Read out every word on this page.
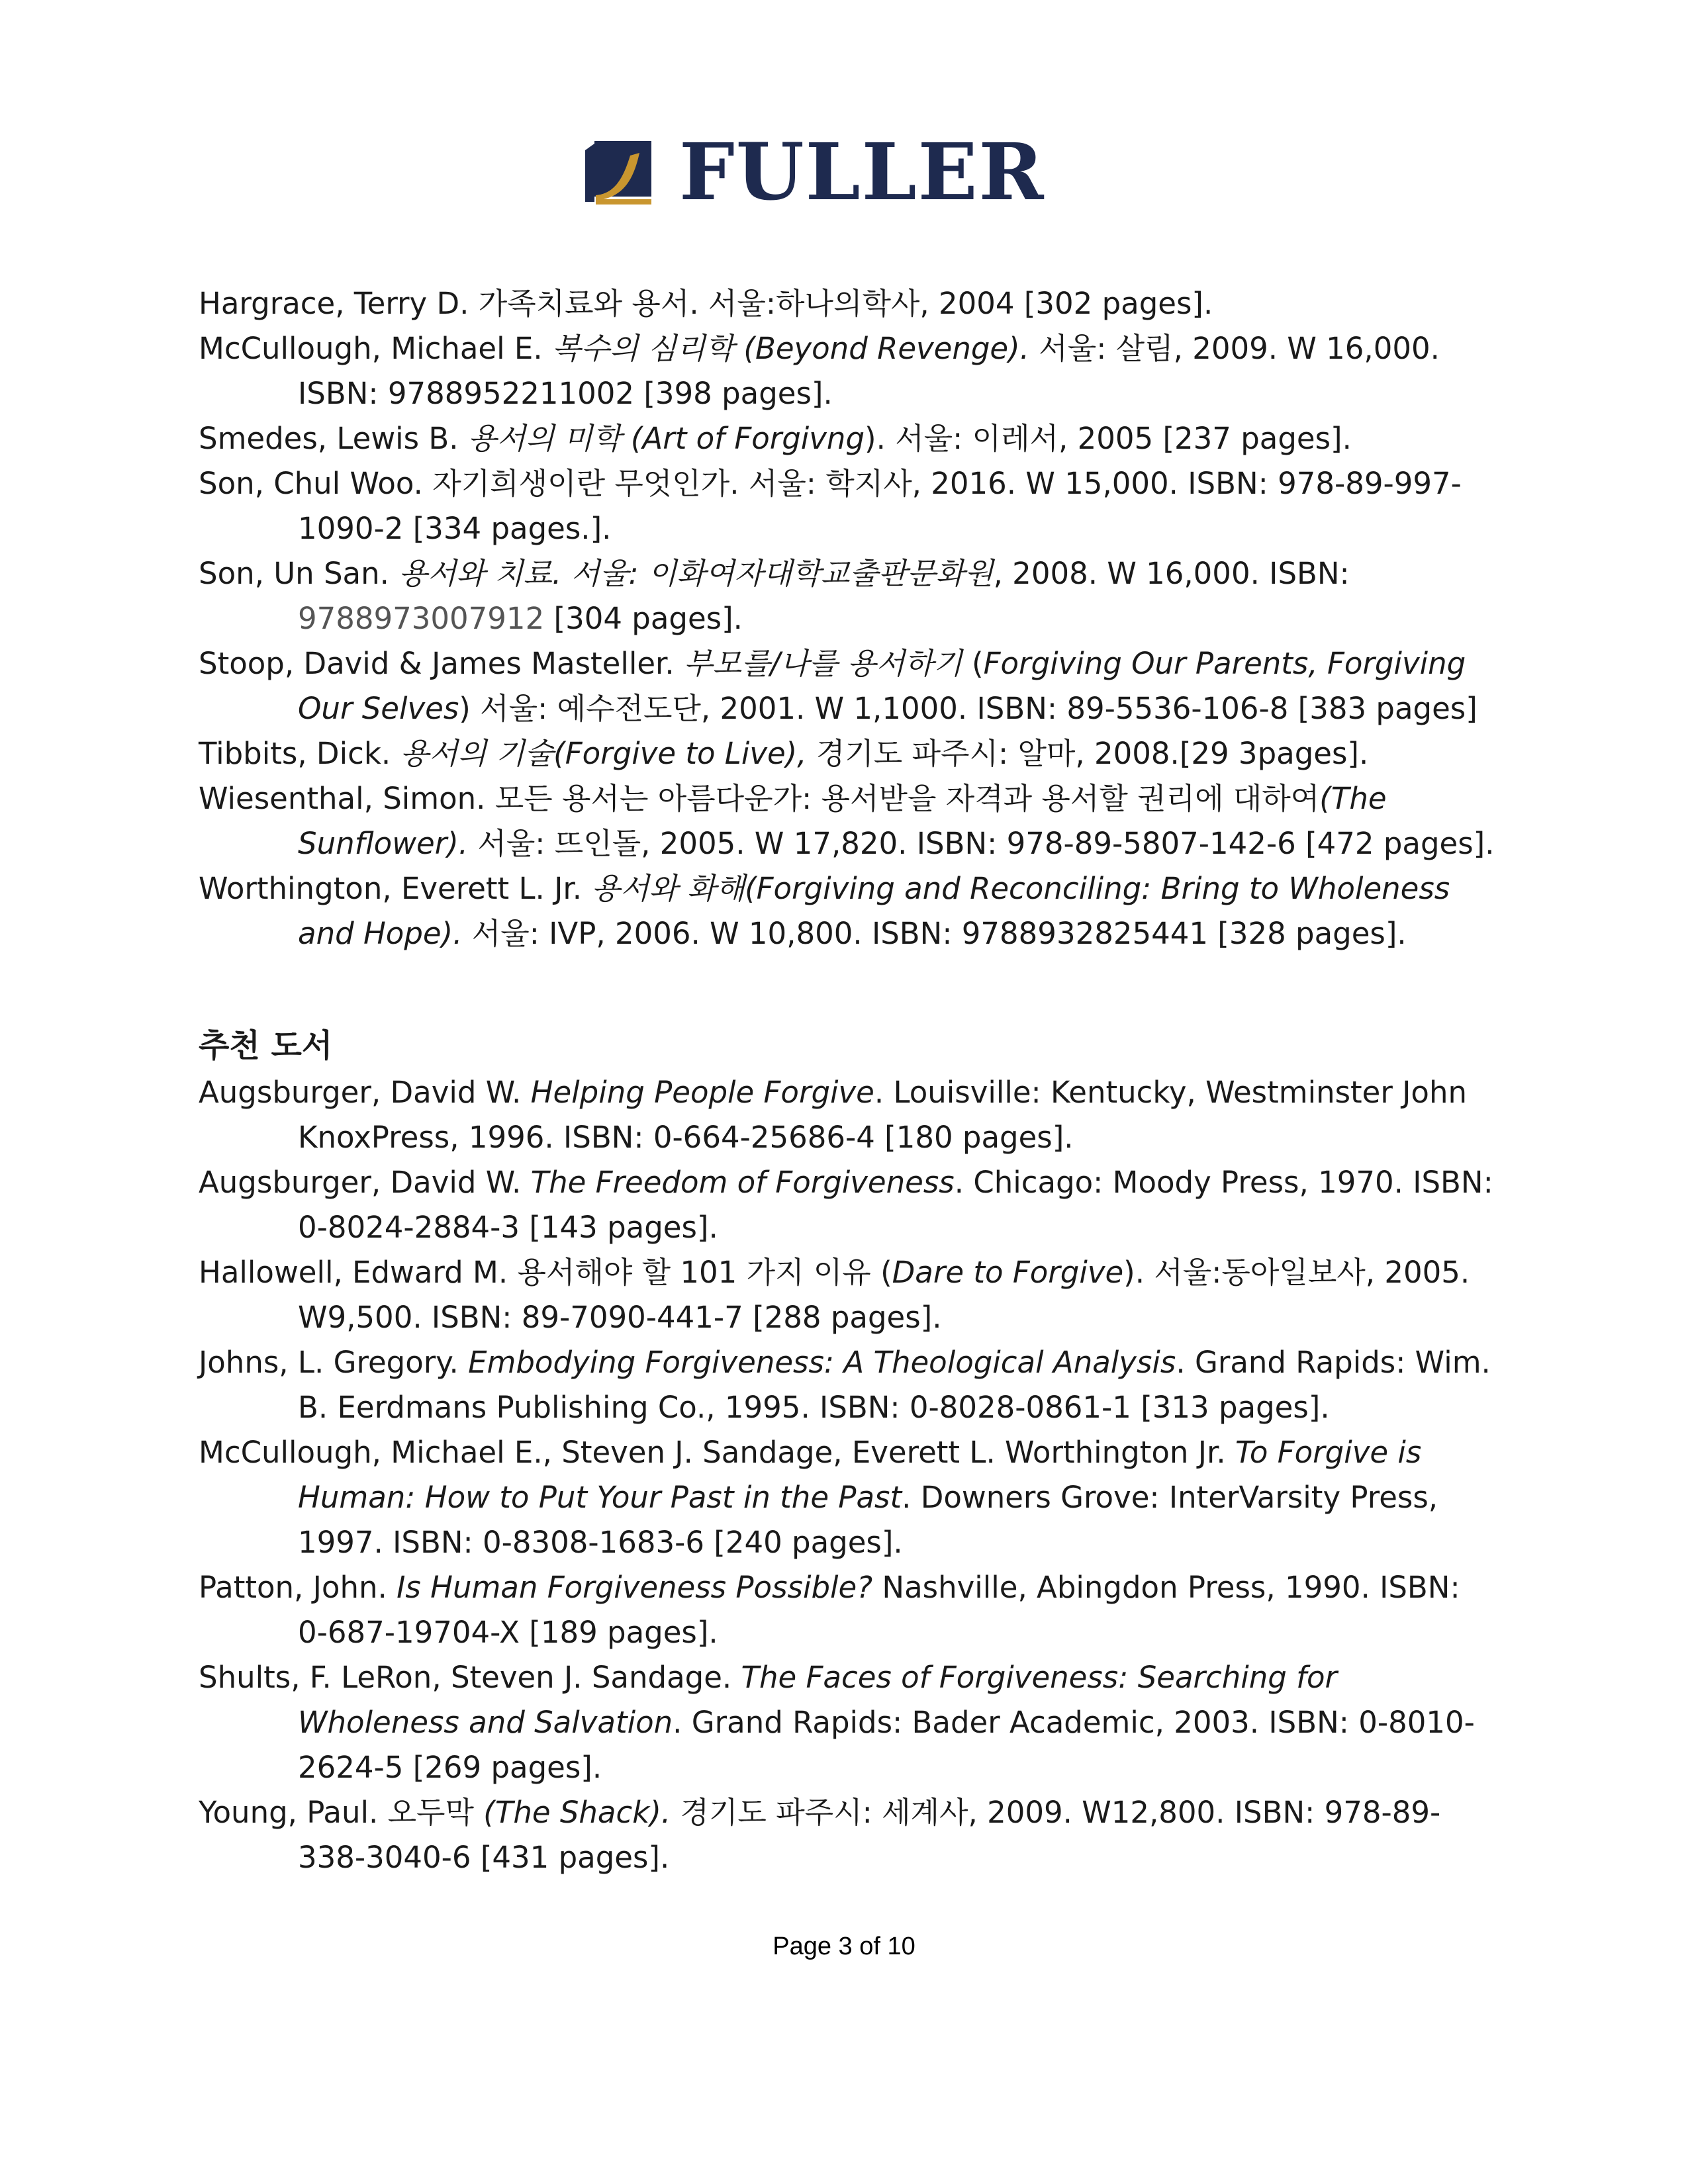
FULLER

Hargrace, Terry D. 가족치료와 용서. 서울:하나의학사, 2004 [302 pages].

McCullough, Michael E. 복수의 심리학 (Beyond Revenge). 서울: 살림, 2009. W 16,000. ISBN: 9788952211002 [398 pages].

Smedes, Lewis B. 용서의 미학 (Art of Forgivng). 서울: 이레서, 2005 [237 pages].

Son, Chul Woo. 자기희생이란 무엇인가. 서울: 학지사, 2016. W 15,000. ISBN: 978-89-997-1090-2 [334 pages.].

Son, Un San. 용서와 치료. 서울: 이화여자대학교출판문화원, 2008. W 16,000. ISBN: 9788973007912 [304 pages].

Stoop, David & James Masteller. 부모를/나를 용서하기 (Forgiving Our Parents, Forgiving Our Selves) 서울: 예수전도단, 2001. W 1,1000. ISBN: 89-5536-106-8 [383 pages]

Tibbits, Dick. 용서의 기술(Forgive to Live), 경기도 파주시: 알마, 2008.[29 3pages].

Wiesenthal, Simon. 모든 용서는 아름다운가: 용서받을 자격과 용서할 권리에 대하여(The Sunflower). 서울: 뜨인돌, 2005. W 17,820. ISBN: 978-89-5807-142-6 [472 pages].

Worthington, Everett L. Jr. 용서와 화해(Forgiving and Reconciling: Bring to Wholeness and Hope). 서울: IVP, 2006. W 10,800. ISBN: 9788932825441 [328 pages].

추천 도서

Augsburger, David W. Helping People Forgive. Louisville: Kentucky, Westminster John KnoxPress, 1996. ISBN: 0-664-25686-4 [180 pages].

Augsburger, David W. The Freedom of Forgiveness. Chicago: Moody Press, 1970. ISBN: 0-8024-2884-3 [143 pages].

Hallowell, Edward M. 용서해야 할 101 가지 이유 (Dare to Forgive). 서울:동아일보사, 2005. W9,500. ISBN: 89-7090-441-7 [288 pages].

Johns, L. Gregory. Embodying Forgiveness: A Theological Analysis. Grand Rapids: Wim. B. Eerdmans Publishing Co., 1995. ISBN: 0-8028-0861-1 [313 pages].

McCullough, Michael E., Steven J. Sandage, Everett L. Worthington Jr. To Forgive is Human: How to Put Your Past in the Past. Downers Grove: InterVarsity Press, 1997. ISBN: 0-8308-1683-6 [240 pages].

Patton, John. Is Human Forgiveness Possible? Nashville, Abingdon Press, 1990. ISBN: 0-687-19704-X [189 pages].

Shults, F. LeRon, Steven J. Sandage. The Faces of Forgiveness: Searching for Wholeness and Salvation. Grand Rapids: Bader Academic, 2003. ISBN: 0-8010-2624-5 [269 pages].

Young, Paul. 오두막 (The Shack). 경기도 파주시: 세계사, 2009. W12,800. ISBN: 978-89-338-3040-6 [431 pages].

Page 3 of 10
